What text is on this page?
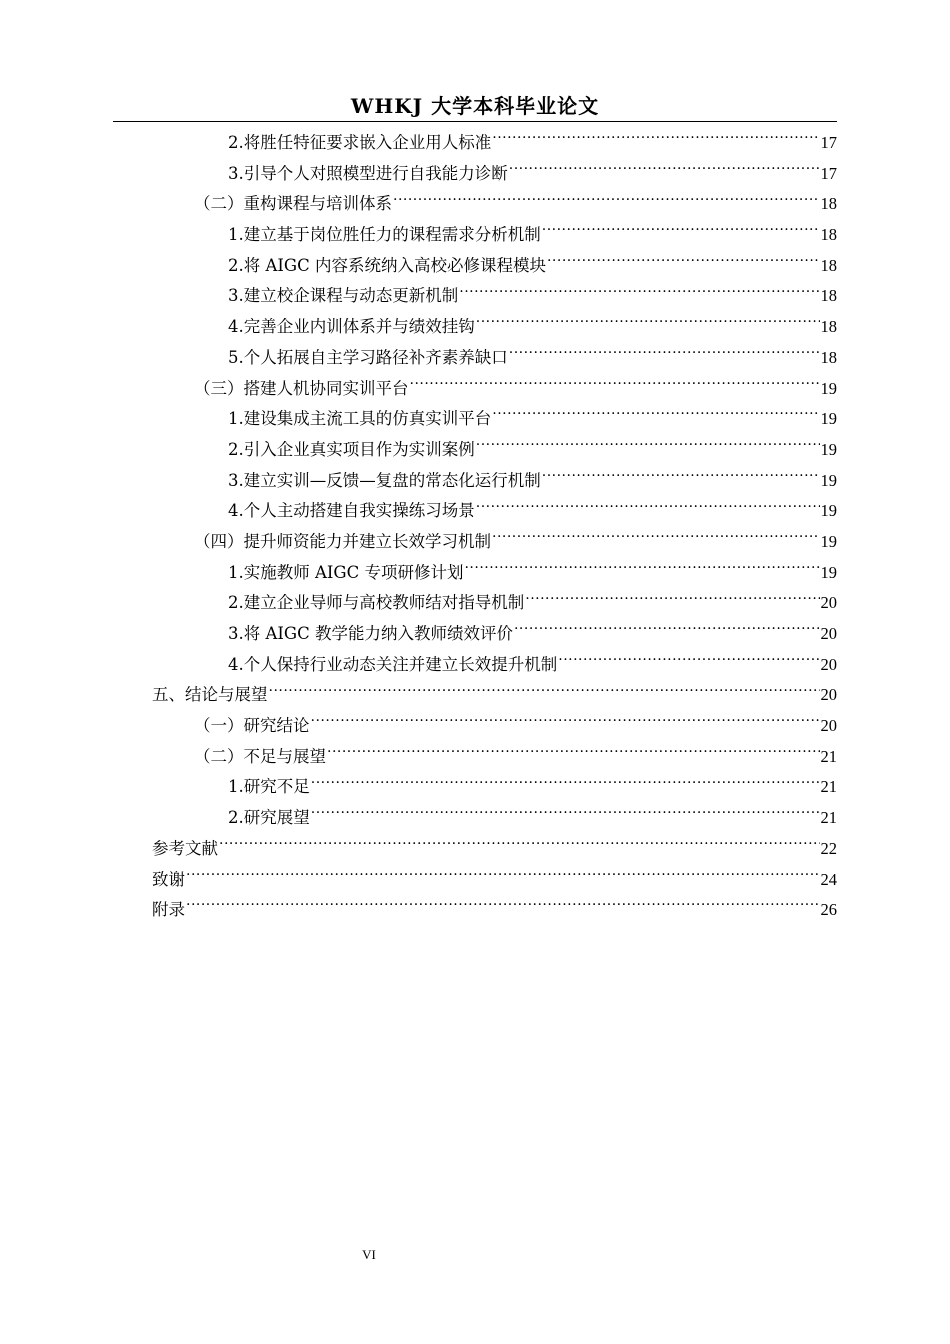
WHKJ 大学本科毕业论文
2.将胜任特征要求嵌入企业用人标准 .....	17
3.引导个人对照模型进行自我能力诊断 .....	17
（二）重构课程与培训体系 .....	18
1.建立基于岗位胜任力的课程需求分析机制 .....	18
2.将 AIGC 内容系统纳入高校必修课程模块 .....	18
3.建立校企课程与动态更新机制 .....	18
4.完善企业内训体系并与绩效挂钩 .....	18
5.个人拓展自主学习路径补齐素养缺口 .....	18
（三）搭建人机协同实训平台 .....	19
1.建设集成主流工具的仿真实训平台 .....	19
2.引入企业真实项目作为实训案例 .....	19
3.建立实训—反馈—复盘的常态化运行机制 .....	19
4.个人主动搭建自我实操练习场景 .....	19
（四）提升师资能力并建立长效学习机制 .....	19
1.实施教师 AIGC 专项研修计划 .....	19
2.建立企业导师与高校教师结对指导机制 .....	20
3.将 AIGC 教学能力纳入教师绩效评价 .....	20
4.个人保持行业动态关注并建立长效提升机制 .....	20
五、结论与展望 .....	20
（一）研究结论 .....	20
（二）不足与展望 .....	21
1.研究不足 .....	21
2.研究展望 .....	21
参考文献 .....	22
致谢 .....	24
附录 .....	26
VI
